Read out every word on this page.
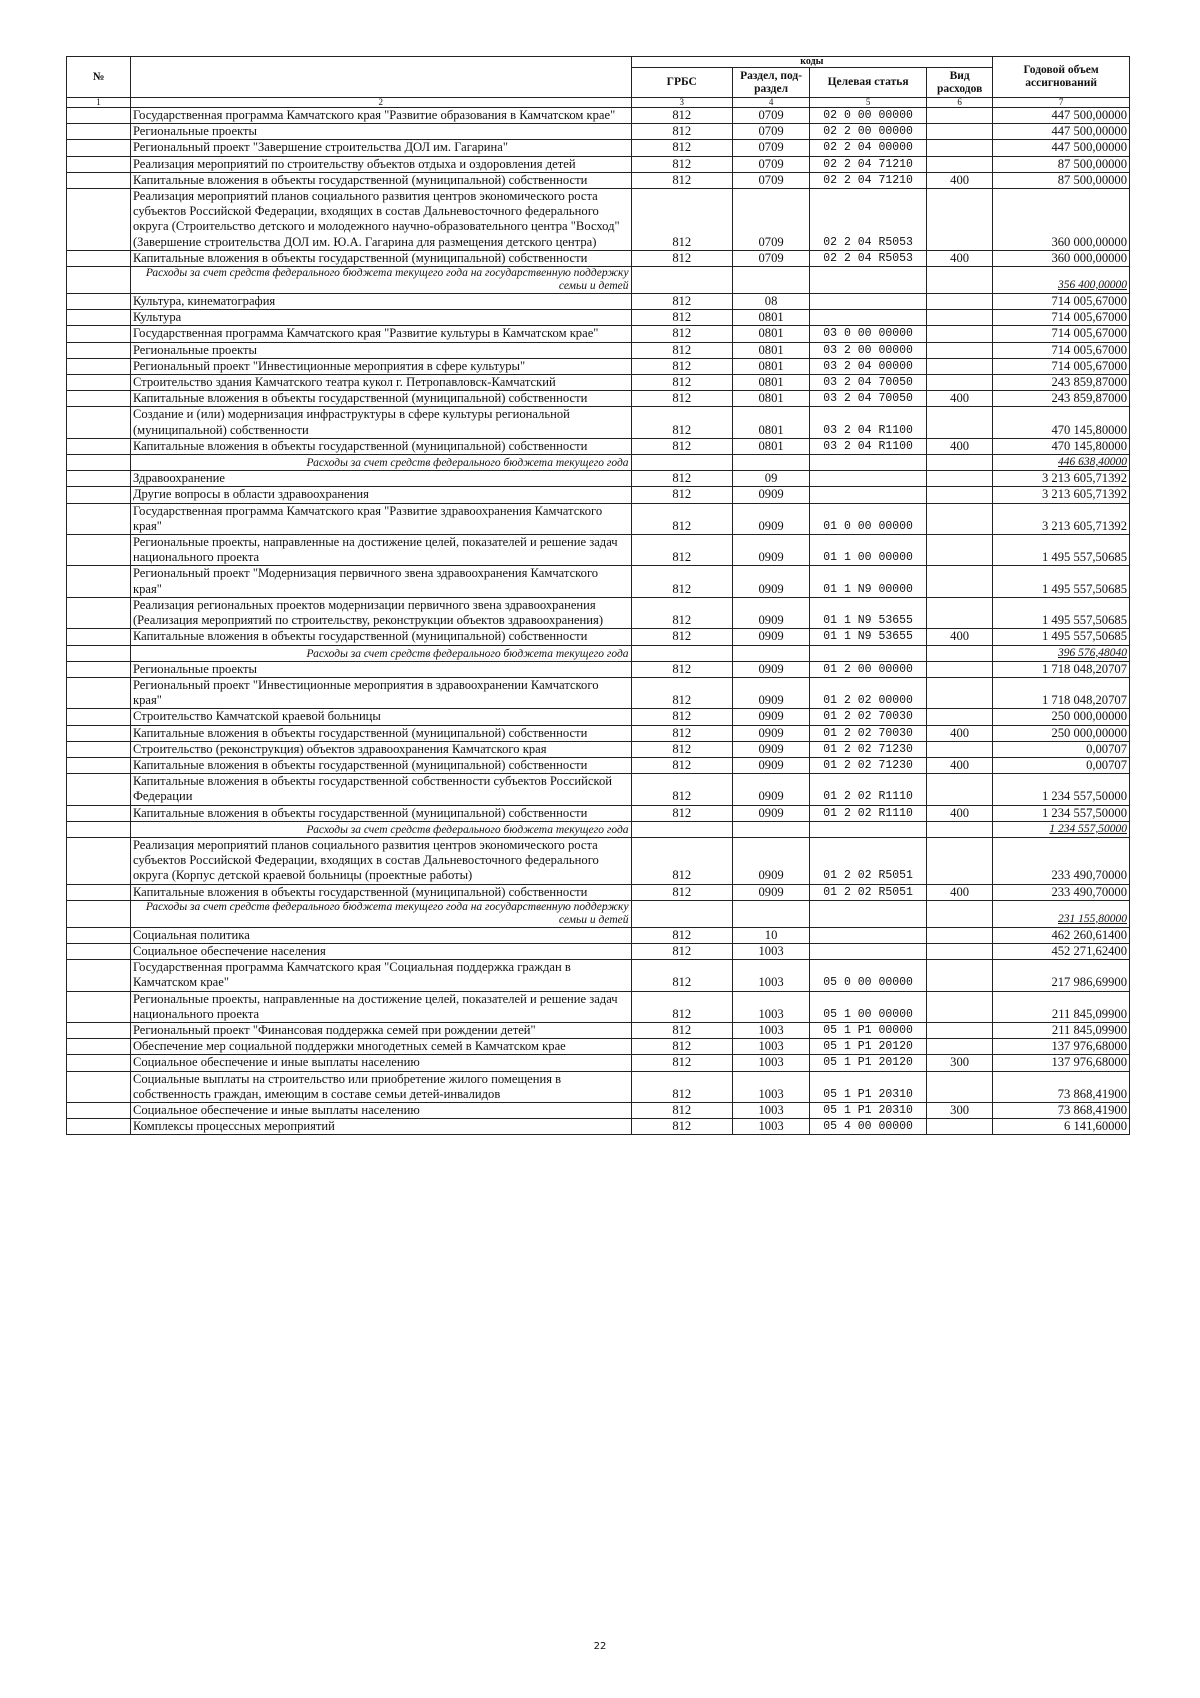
№		коды				Годовой объем ассигнований
		ГРБС	Раздел, под-раздел	Целевая статья	Вид расходов	

1	2	3	4	5	6	7
	Государственная программа Камчатского края "Развитие образования в Камчатском крае"	812	0709	02 0 00 00000		447 500,00000
	Региональные проекты	812	0709	02 2 00 00000		447 500,00000
	Региональный проект "Завершение строительства ДОЛ им. Гагарина"	812	0709	02 2 04 00000		447 500,00000
	Реализация мероприятий по строительству объектов отдыха и оздоровления детей	812	0709	02 2 04 71210		87 500,00000
	Капитальные вложения в объекты государственной (муниципальной) собственности	812	0709	02 2 04 71210	400	87 500,00000
	Реализация мероприятий планов социального развития центров экономического роста субъектов Российской Федерации, входящих в состав Дальневосточного федерального округа (Строительство детского и молодежного научно-образовательного центра "Восход" (Завершение строительства ДОЛ им. Ю.А. Гагарина для размещения детского центра)	812	0709	02 2 04 R5053		360 000,00000
	Капитальные вложения в объекты государственной (муниципальной) собственности	812	0709	02 2 04 R5053	400	360 000,00000
	Расходы за счет средств федерального бюджета текущего года на государственную поддержку семьи и детей					356 400,00000
	Культура, кинематография	812	08			714 005,67000
	Культура	812	0801			714 005,67000
	Государственная программа Камчатского края "Развитие культуры в Камчатском крае"	812	0801	03 0 00 00000		714 005,67000
	Региональные проекты	812	0801	03 2 00 00000		714 005,67000
	Региональный проект "Инвестиционные мероприятия в сфере культуры"	812	0801	03 2 04 00000		714 005,67000
	Строительство здания Камчатского театра кукол г. Петропавловск-Камчатский	812	0801	03 2 04 70050		243 859,87000
	Капитальные вложения в объекты государственной (муниципальной) собственности	812	0801	03 2 04 70050	400	243 859,87000
	Создание и (или) модернизация инфраструктуры в сфере культуры региональной (муниципальной) собственности	812	0801	03 2 04 R1100		470 145,80000
	Капитальные вложения в объекты государственной (муниципальной) собственности	812	0801	03 2 04 R1100	400	470 145,80000
	Расходы за счет средств федерального бюджета текущего года					446 638,40000
	Здравоохранение	812	09			3 213 605,71392
	Другие вопросы в области здравоохранения	812	0909			3 213 605,71392
	Государственная программа Камчатского края "Развитие здравоохранения Камчатского края"	812	0909	01 0 00 00000		3 213 605,71392
	Региональные проекты, направленные на достижение целей, показателей и решение задач национального проекта	812	0909	01 1 00 00000		1 495 557,50685
	Региональный проект "Модернизация первичного звена здравоохранения Камчатского края"	812	0909	01 1 N9 00000		1 495 557,50685
	Реализация региональных проектов модернизации первичного звена здравоохранения (Реализация мероприятий по строительству, реконструкции объектов здравоохранения)	812	0909	01 1 N9 53655		1 495 557,50685
	Капитальные вложения в объекты государственной (муниципальной) собственности	812	0909	01 1 N9 53655	400	1 495 557,50685
	Расходы за счет средств федерального бюджета текущего года					396 576,48040
	Региональные проекты	812	0909	01 2 00 00000		1 718 048,20707
	Региональный проект "Инвестиционные мероприятия в здравоохранении Камчатского края"	812	0909	01 2 02 00000		1 718 048,20707
	Строительство Камчатской краевой больницы	812	0909	01 2 02 70030		250 000,00000
	Капитальные вложения в объекты государственной (муниципальной) собственности	812	0909	01 2 02 70030	400	250 000,00000
	Строительство (реконструкция) объектов здравоохранения Камчатского края	812	0909	01 2 02 71230		0,00707
	Капитальные вложения в объекты государственной (муниципальной) собственности	812	0909	01 2 02 71230	400	0,00707
	Капитальные вложения в объекты государственной собственности субъектов Российской Федерации	812	0909	01 2 02 R1110		1 234 557,50000
	Капитальные вложения в объекты государственной (муниципальной) собственности	812	0909	01 2 02 R1110	400	1 234 557,50000
	Расходы за счет средств федерального бюджета текущего года					1 234 557,50000
	Реализация мероприятий планов социального развития центров экономического роста субъектов Российской Федерации, входящих в состав Дальневосточного федерального округа (Корпус детской краевой больницы (проектные работы)	812	0909	01 2 02 R5051		233 490,70000
	Капитальные вложения в объекты государственной (муниципальной) собственности	812	0909	01 2 02 R5051	400	233 490,70000
	Расходы за счет средств федерального бюджета текущего года на государственную поддержку семьи и детей					231 155,80000
	Социальная политика	812	10			462 260,61400
	Социальное обеспечение населения	812	1003			452 271,62400
	Государственная программа Камчатского края "Социальная поддержка граждан в Камчатском крае"	812	1003	05 0 00 00000		217 986,69900
	Региональные проекты, направленные на достижение целей, показателей и решение задач национального проекта	812	1003	05 1 00 00000		211 845,09900
	Региональный проект "Финансовая поддержка семей при рождении детей"	812	1003	05 1 P1 00000		211 845,09900
	Обеспечение мер социальной поддержки многодетных семей в Камчатском крае	812	1003	05 1 P1 20120		137 976,68000
	Социальное обеспечение и иные выплаты населению	812	1003	05 1 P1 20120	300	137 976,68000
	Социальные выплаты на строительство или приобретение жилого помещения в собственность граждан, имеющим в составе семьи детей-инвалидов	812	1003	05 1 P1 20310		73 868,41900
	Социальное обеспечение и иные выплаты населению	812	1003	05 1 P1 20310	300	73 868,41900
	Комплексы процессных мероприятий	812	1003	05 4 00 00000		6 141,60000
22
